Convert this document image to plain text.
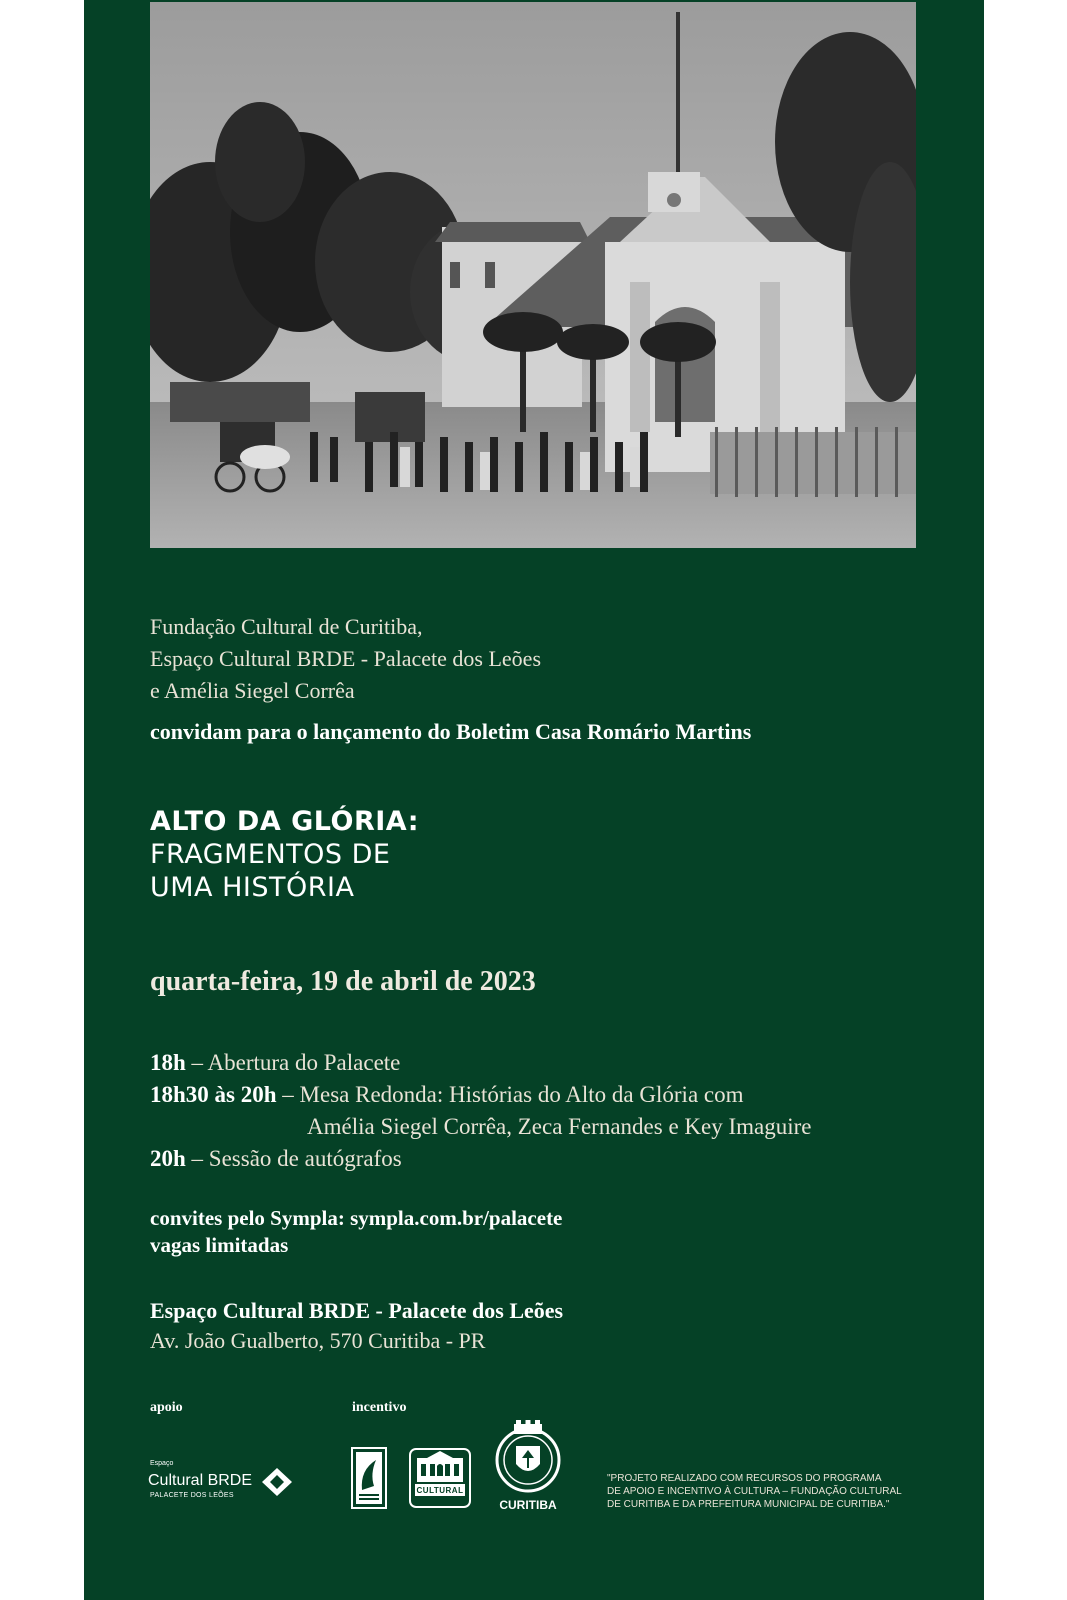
Fundação Cultural de Curitiba,
Espaço Cultural BRDE - Palacete dos Leões
e Amélia Siegel Corrêa
convidam para o lançamento do Boletim Casa Romário Martins
ALTO DA GLÓRIA:
FRAGMENTOS DE
UMA HISTÓRIA
quarta-feira, 19 de abril de 2023
18h – Abertura do Palacete
18h30 às 20h – Mesa Redonda: Histórias do Alto da Glória com
Amélia Siegel Corrêa, Zeca Fernandes e Key Imaguire
20h – Sessão de autógrafos
convites pelo Sympla: sympla.com.br/palacete
vagas limitadas
Espaço Cultural BRDE - Palacete dos Leões
Av. João Gualberto, 570 Curitiba - PR
apoio	incentivo
Espaço
Cultural BRDE
PALACETE DOS LEÕES
CULTURAL
CURITIBA
"PROJETO REALIZADO COM RECURSOS DO PROGRAMA
DE APOIO E INCENTIVO À CULTURA – FUNDAÇÃO CULTURAL
DE CURITIBA E DA PREFEITURA MUNICIPAL DE CURITIBA."
